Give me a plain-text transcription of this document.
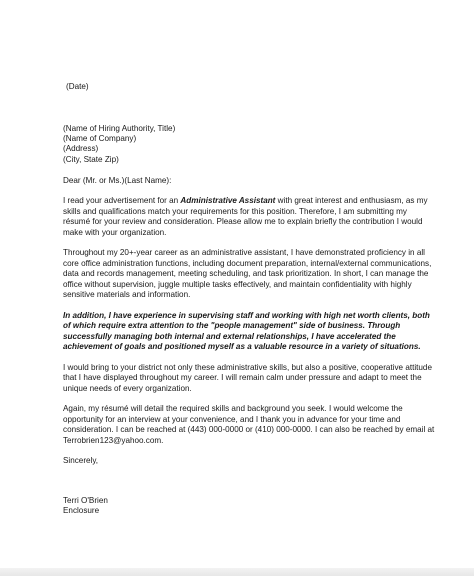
(Date)
(Name of Hiring Authority, Title)
(Name of Company)
(Address)
(City, State Zip)
Dear (Mr. or Ms.)(Last Name):
I read your advertisement for an Administrative Assistant with great interest and enthusiasm, as my
skills and qualifications match your requirements for this position. Therefore, I am submitting my
résumé for your review and consideration. Please allow me to explain briefly the contribution I would
make with your organization.
Throughout my 20+-year career as an administrative assistant, I have demonstrated proficiency in all
core office administration functions, including document preparation, internal/external communications,
data and records management, meeting scheduling, and task prioritization. In short, I can manage the
office without supervision, juggle multiple tasks effectively, and maintain confidentiality with highly
sensitive materials and information.
In addition, I have experience in supervising staff and working with high net worth clients, both
of which require extra attention to the "people management" side of business. Through
successfully managing both internal and external relationships, I have accelerated the
achievement of goals and positioned myself as a valuable resource in a variety of situations.
I would bring to your district not only these administrative skills, but also a positive, cooperative attitude
that I have displayed throughout my career. I will remain calm under pressure and adapt to meet the
unique needs of every organization.
Again, my résumé will detail the required skills and background you seek. I would welcome the
opportunity for an interview at your convenience, and I thank you in advance for your time and
consideration. I can be reached at (443) 000-0000 or (410) 000-0000. I can also be reached by email at
Terrobrien123@yahoo.com.
Sincerely,
Terri O'Brien
Enclosure
